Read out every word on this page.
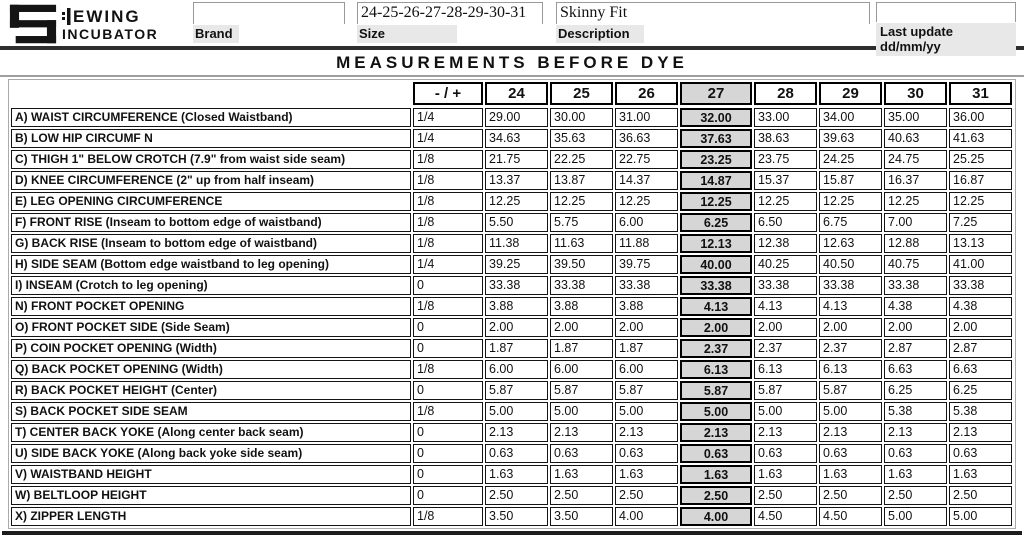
EWING
INCUBATOR	Brand
24-25-26-27-28-29-30-31
Size
Skinny Fit
Description	Last update dd/mm/yy
MEASUREMENTS BEFORE DYE
- / +	24	25	26	27	28	29	30	31
A) WAIST CIRCUMFERENCE (Closed Waistband)	1/4	29.00	30.00	31.00	32.00	33.00	34.00	35.00	36.00
B) LOW HIP CIRCUMF N	1/4	34.63	35.63	36.63	37.63	38.63	39.63	40.63	41.63
C) THIGH 1" BELOW CROTCH (7.9" from waist side seam)	1/8	21.75	22.25	22.75	23.25	23.75	24.25	24.75	25.25
D) KNEE CIRCUMFERENCE (2" up from half inseam)	1/8	13.37	13.87	14.37	14.87	15.37	15.87	16.37	16.87
E) LEG OPENING CIRCUMFERENCE	1/8	12.25	12.25	12.25	12.25	12.25	12.25	12.25	12.25
F) FRONT RISE (Inseam to bottom edge of waistband)	1/8	5.50	5.75	6.00	6.25	6.50	6.75	7.00	7.25
G) BACK RISE (Inseam to bottom edge of waistband)	1/8	11.38	11.63	11.88	12.13	12.38	12.63	12.88	13.13
H) SIDE SEAM (Bottom edge waistband to leg opening)	1/4	39.25	39.50	39.75	40.00	40.25	40.50	40.75	41.00
I) INSEAM (Crotch to leg opening)	0	33.38	33.38	33.38	33.38	33.38	33.38	33.38	33.38
N) FRONT POCKET OPENING	1/8	3.88	3.88	3.88	4.13	4.13	4.13	4.38	4.38
O) FRONT POCKET SIDE (Side Seam)	0	2.00	2.00	2.00	2.00	2.00	2.00	2.00	2.00
P) COIN POCKET OPENING (Width)	0	1.87	1.87	1.87	2.37	2.37	2.37	2.87	2.87
Q) BACK POCKET OPENING (Width)	1/8	6.00	6.00	6.00	6.13	6.13	6.13	6.63	6.63
R) BACK POCKET HEIGHT (Center)	0	5.87	5.87	5.87	5.87	5.87	5.87	6.25	6.25
S) BACK POCKET SIDE SEAM	1/8	5.00	5.00	5.00	5.00	5.00	5.00	5.38	5.38
T) CENTER BACK YOKE (Along center back seam)	0	2.13	2.13	2.13	2.13	2.13	2.13	2.13	2.13
U) SIDE BACK YOKE (Along back yoke side seam)	0	0.63	0.63	0.63	0.63	0.63	0.63	0.63	0.63
V) WAISTBAND HEIGHT	0	1.63	1.63	1.63	1.63	1.63	1.63	1.63	1.63
W) BELTLOOP HEIGHT	0	2.50	2.50	2.50	2.50	2.50	2.50	2.50	2.50
X) ZIPPER LENGTH	1/8	3.50	3.50	4.00	4.00	4.50	4.50	5.00	5.00
